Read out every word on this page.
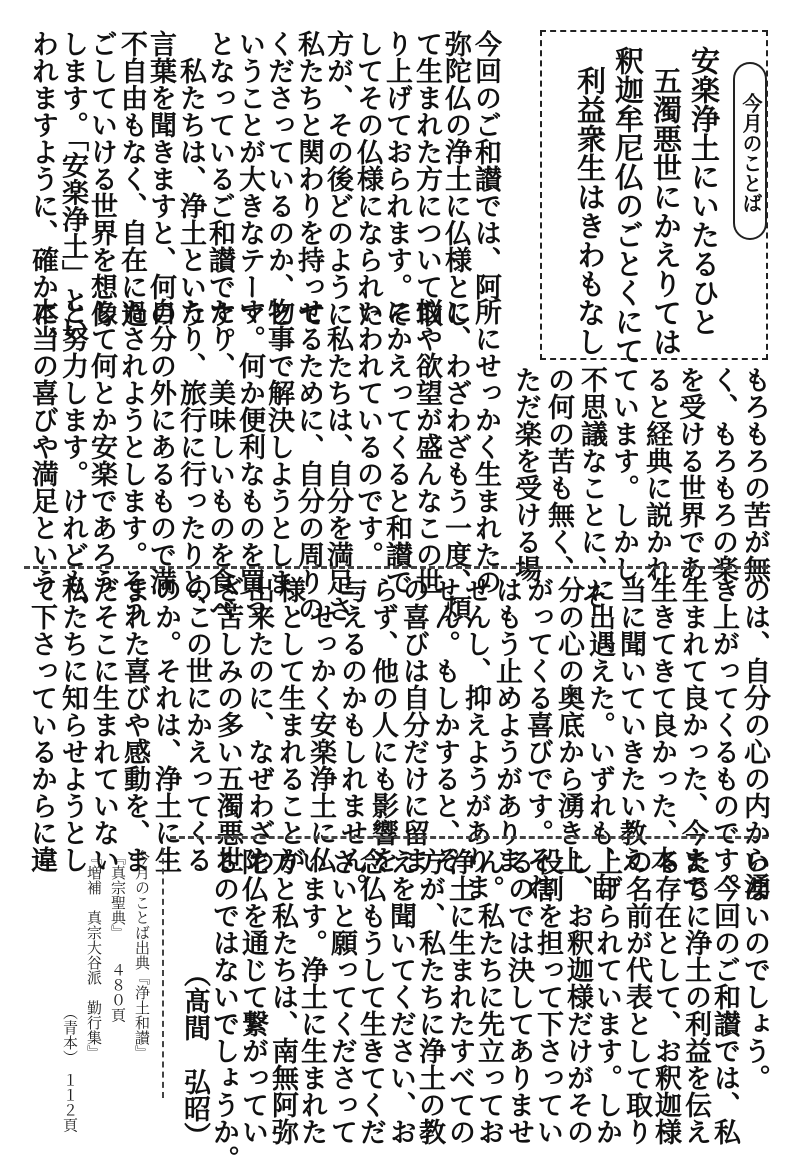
今月のことば
安楽浄土にいたるひと
五濁悪世にかえりては
釈迦牟尼仏のごとくにて
利益衆生はきわもなし
今回のご和讃では、阿
弥陀仏の浄土に仏様とし
て生まれた方について取
り上げておられます。そ
してその仏様になられた
方が、その後どのように
私たちと関わりを持って
くださっているのか、と
いうことが大きなテーマ
となっているご和讃です。
　私たちは、浄土という
言葉を聞きますと、何の
不自由もなく、自在に過
ごしていける世界を想像
します。「安楽浄土」とい
われますように、確かに、
もろもろの苦が無
く、もろもろの楽
を受ける世界であ
ると経典に説かれ
ています。しかし
不思議なことに、そ
の何の苦も無く、
ただ楽を受ける場
所にせっかく生まれたの
に、わざわざもう一度、煩
悩や欲望が盛んなこの世
にかえってくると和讃で
いわれているのです。
　私たちは、自分を満足さ
せるために、自分の周りの
物事で解決しようとしま
す。何か便利なものを買っ
たり、美味しいものを食べ
たり、旅行に行ったりと、
自分の外にあるもので満
たされようとします。そう
して何とか安楽であろう
と努力します。けれども、
本当の喜びや満足という
のは、自分の心の内から湧
き上がってくるものです。
生まれて良かった、今まで
生きてきて良かった、本
当に聞いていきたい教え
に出遇えた。いずれも、自
分の心の奥底から湧き上
がってくる喜びです。それ
はもう止めようがありま
せんし、抑えようがありま
せん。もしかすると、そ
の喜びは自分だけに留ま
らず、他の人にも影響を
与えるのかもしれません。
　せっかく安楽浄土に仏
様として生まれることが
出来たのに、なぜわざわ
ざ苦しみの多い五濁悪世
のこの世にかえってくる
のか。それは、浄土に生
まれた喜びや感動を、ま
だそこに生まれていない
私たちに知らせようとし
て下さっているからに違
いないのでしょう。
　今回のご和讃では、私
たちに浄土の利益を伝え
る存在として、お釈迦様
の名前が代表として取り
上げられています。しか
し、お釈迦様だけがその
役割を担って下さってい
るのでは決してありませ
ん。私たちに先立ってお
浄土に生まれたすべての
方が、私たちに浄土の教
えを聞いてください、お
念仏もうして生きてくだ
さいと願ってくださって
います。浄土に生まれた
方と私たちは、南無阿弥
陀仏を通じて繋がってい
るのではないでしょうか。
（髙間　弘昭）
今月のことば出典『浄土和讃』
『真宗聖典』　　４８０頁
『増補　真宗大谷派　勤行集』
（青本）　１１２頁
